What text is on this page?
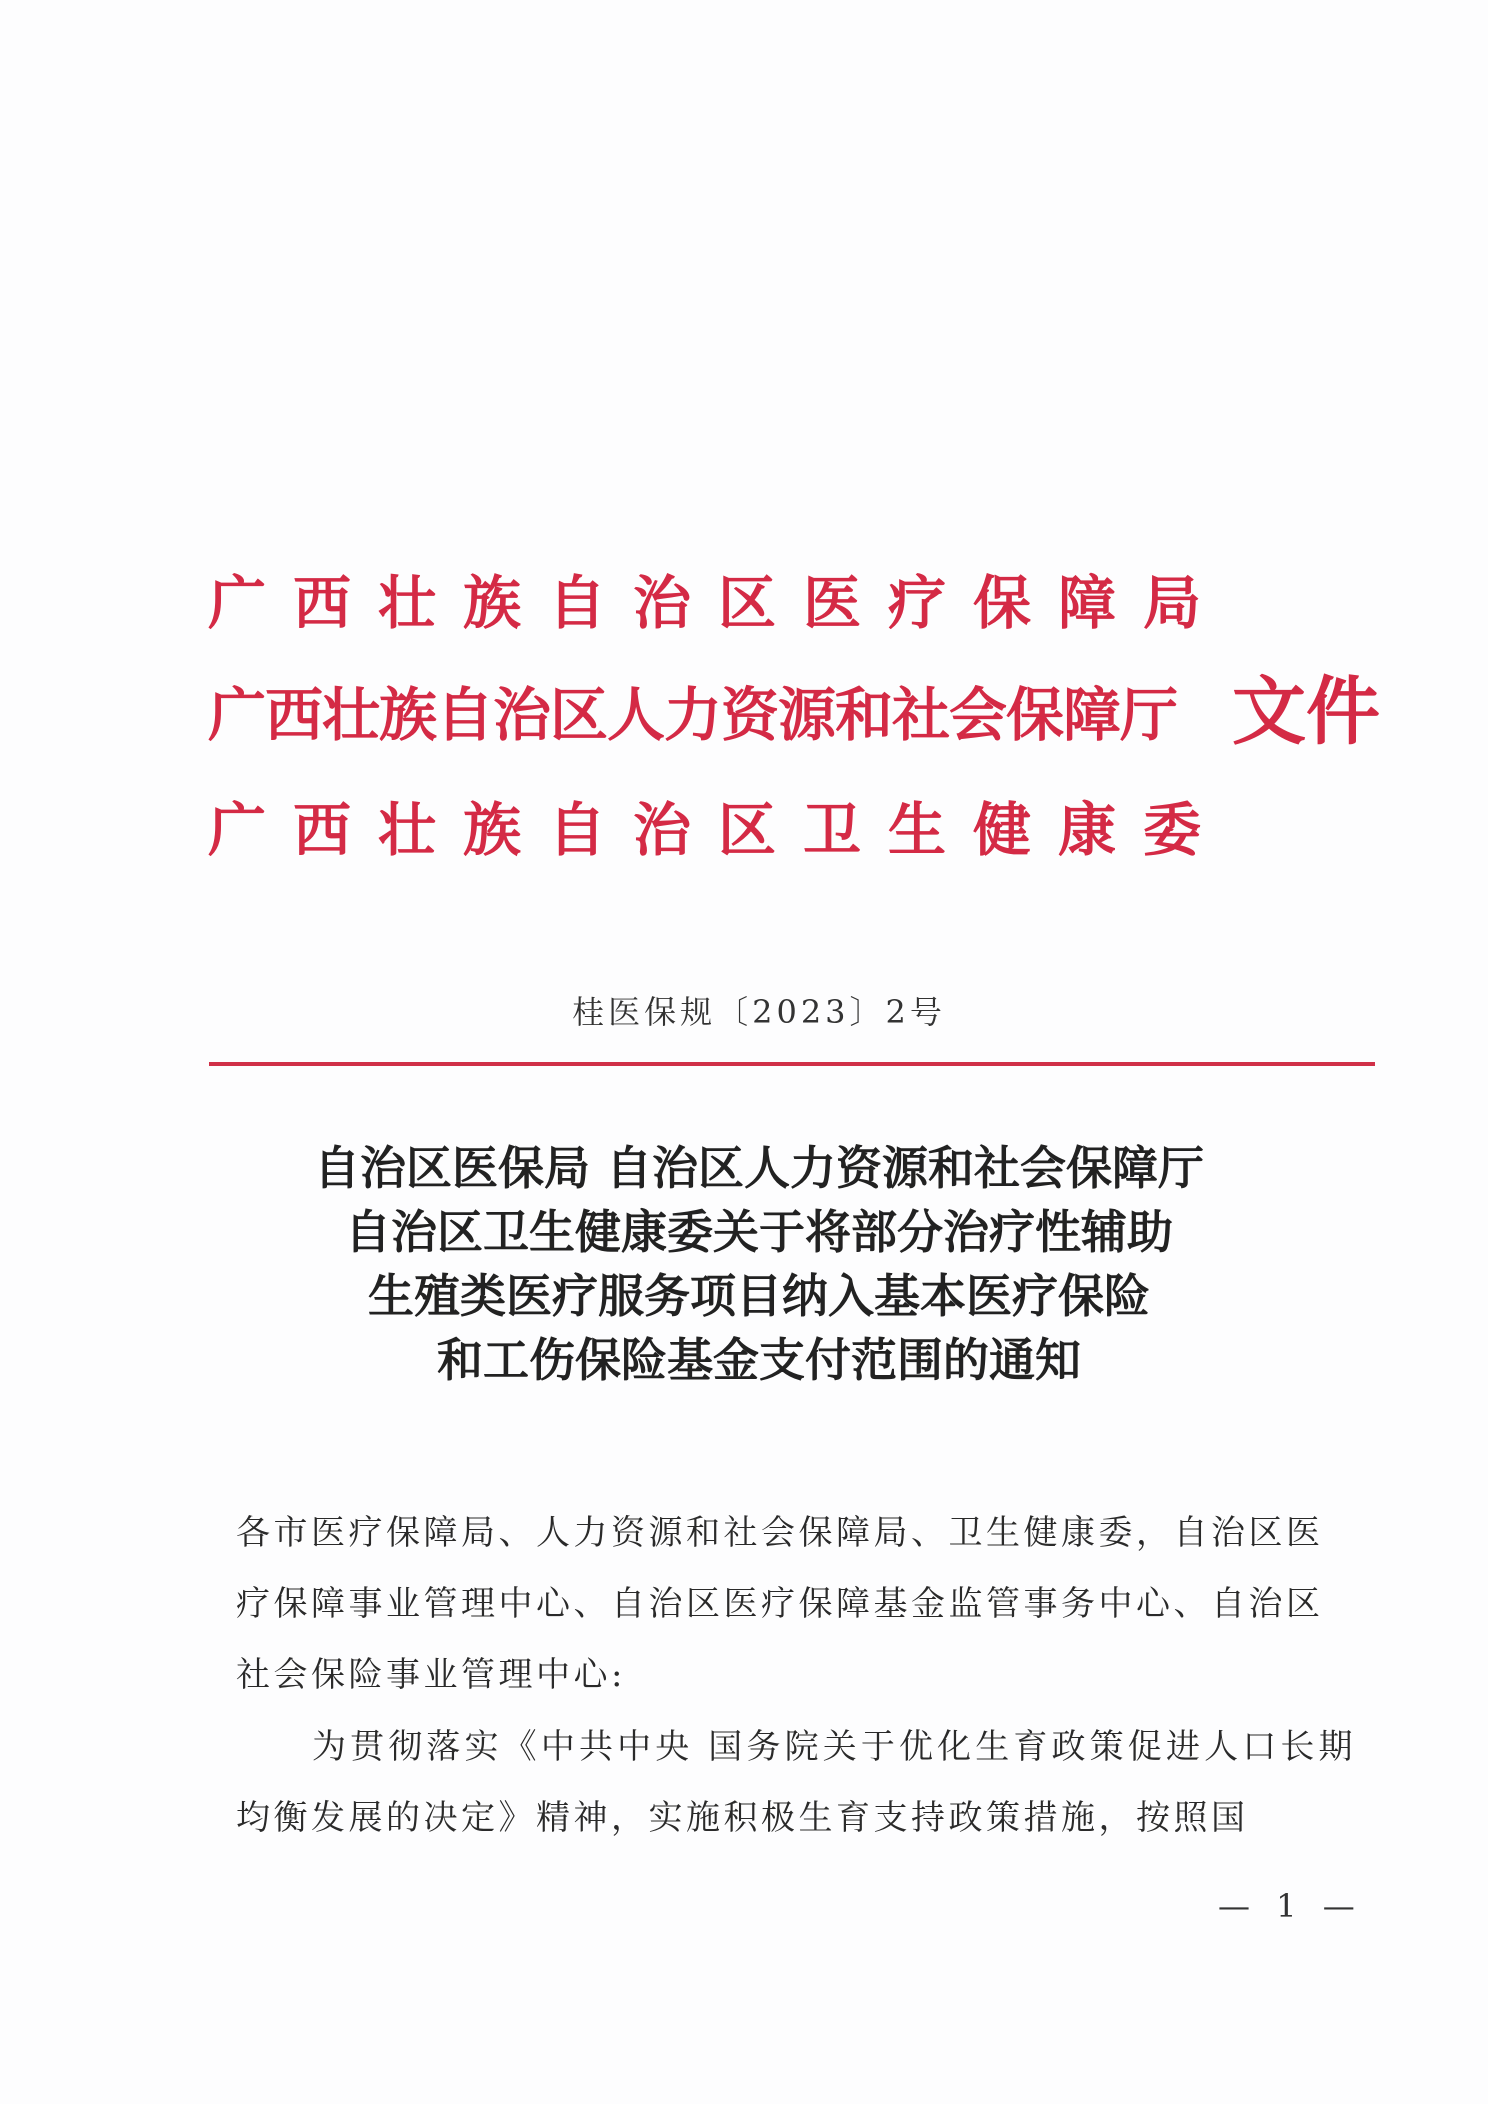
广西壮族自治区医疗保障局
广西壮族自治区人力资源和社会保障厅
广西壮族自治区卫生健康委
文件
桂医保规〔2023〕2号
自治区医保局 自治区人力资源和社会保障厅
自治区卫生健康委关于将部分治疗性辅助
生殖类医疗服务项目纳入基本医疗保险
和工伤保险基金支付范围的通知
各市医疗保障局、人力资源和社会保障局、卫生健康委，自治区医疗保障事业管理中心、自治区医疗保障基金监管事务中心、自治区社会保险事业管理中心:
为贯彻落实《中共中央 国务院关于优化生育政策促进人口长期均衡发展的决定》精神，实施积极生育支持政策措施，按照国
— 1 —
